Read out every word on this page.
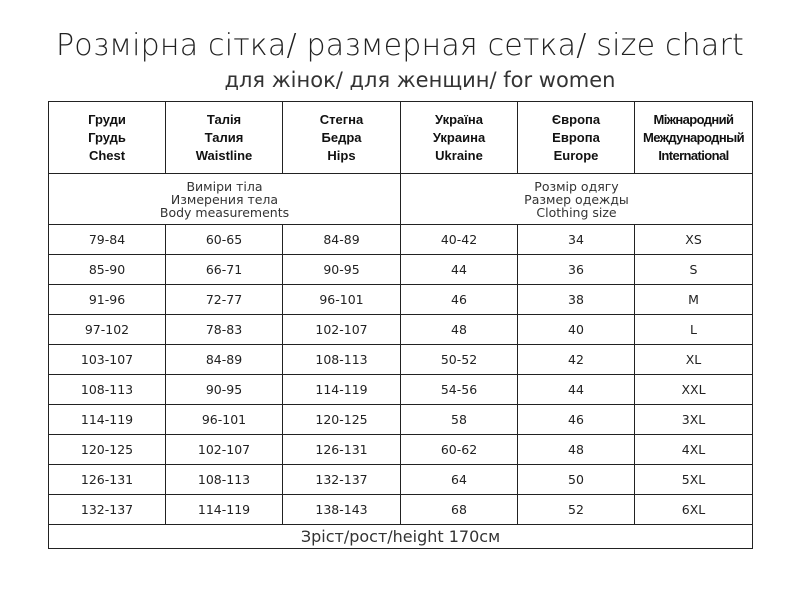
Розмірна сітка/ размерная сетка/ size chart
для жінок/ для женщин/ for women
Груди
Грудь
Chest	Талія
Талия
Waistline	Стегна
Бедра
Hips	Україна
Украина
Ukraine	Європа
Европа
Europe	Міжнародний
Международный
International

Виміри тіла
Измерения тела
Body measurements			Розмір одягу
Размер одежды
Clothing size		

79-84	60-65	84-89	40-42	34	XS
85-90	66-71	90-95	44	36	S
91-96	72-77	96-101	46	38	M
97-102	78-83	102-107	48	40	L
103-107	84-89	108-113	50-52	42	XL
108-113	90-95	114-119	54-56	44	XXL
114-119	96-101	120-125	58	46	3XL
120-125	102-107	126-131	60-62	48	4XL
126-131	108-113	132-137	64	50	5XL
132-137	114-119	138-143	68	52	6XL
Зріст/рост/height 170см					
